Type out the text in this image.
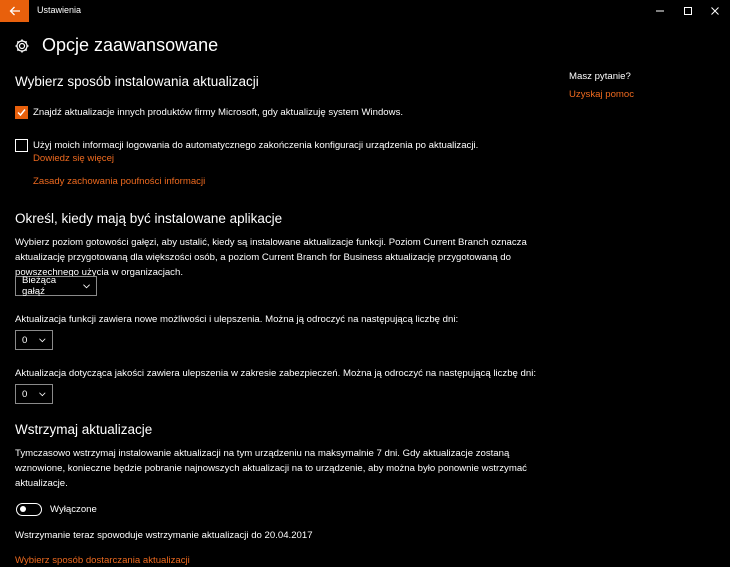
Ustawienia
Opcje zaawansowane
Wybierz sposób instalowania aktualizacji
Znajdź aktualizacje innych produktów firmy Microsoft, gdy aktualizuję system Windows.
Użyj moich informacji logowania do automatycznego zakończenia konfiguracji urządzenia po aktualizacji.
Dowiedz się więcej
Zasady zachowania poufności informacji
Określ, kiedy mają być instalowane aplikacje
Wybierz poziom gotowości gałęzi, aby ustalić, kiedy są instalowane aktualizacje funkcji. Poziom Current Branch oznacza
aktualizację przygotowaną dla większości osób, a poziom Current Branch for Business aktualizację przygotowaną do
powszechnego użycia w organizacjach.
Bieżąca gałąź
Aktualizacja funkcji zawiera nowe możliwości i ulepszenia. Można ją odroczyć na następującą liczbę dni:
0
Aktualizacja dotycząca jakości zawiera ulepszenia w zakresie zabezpieczeń. Można ją odroczyć na następującą liczbę dni:
0
Wstrzymaj aktualizacje
Tymczasowo wstrzymaj instalowanie aktualizacji na tym urządzeniu na maksymalnie 7 dni. Gdy aktualizacje zostaną
wznowione, konieczne będzie pobranie najnowszych aktualizacji na to urządzenie, aby można było ponownie wstrzymać
aktualizacje.
Wyłączone
Wstrzymanie teraz spowoduje wstrzymanie aktualizacji do 20.04.2017
Wybierz sposób dostarczania aktualizacji
Masz pytanie?
Uzyskaj pomoc
